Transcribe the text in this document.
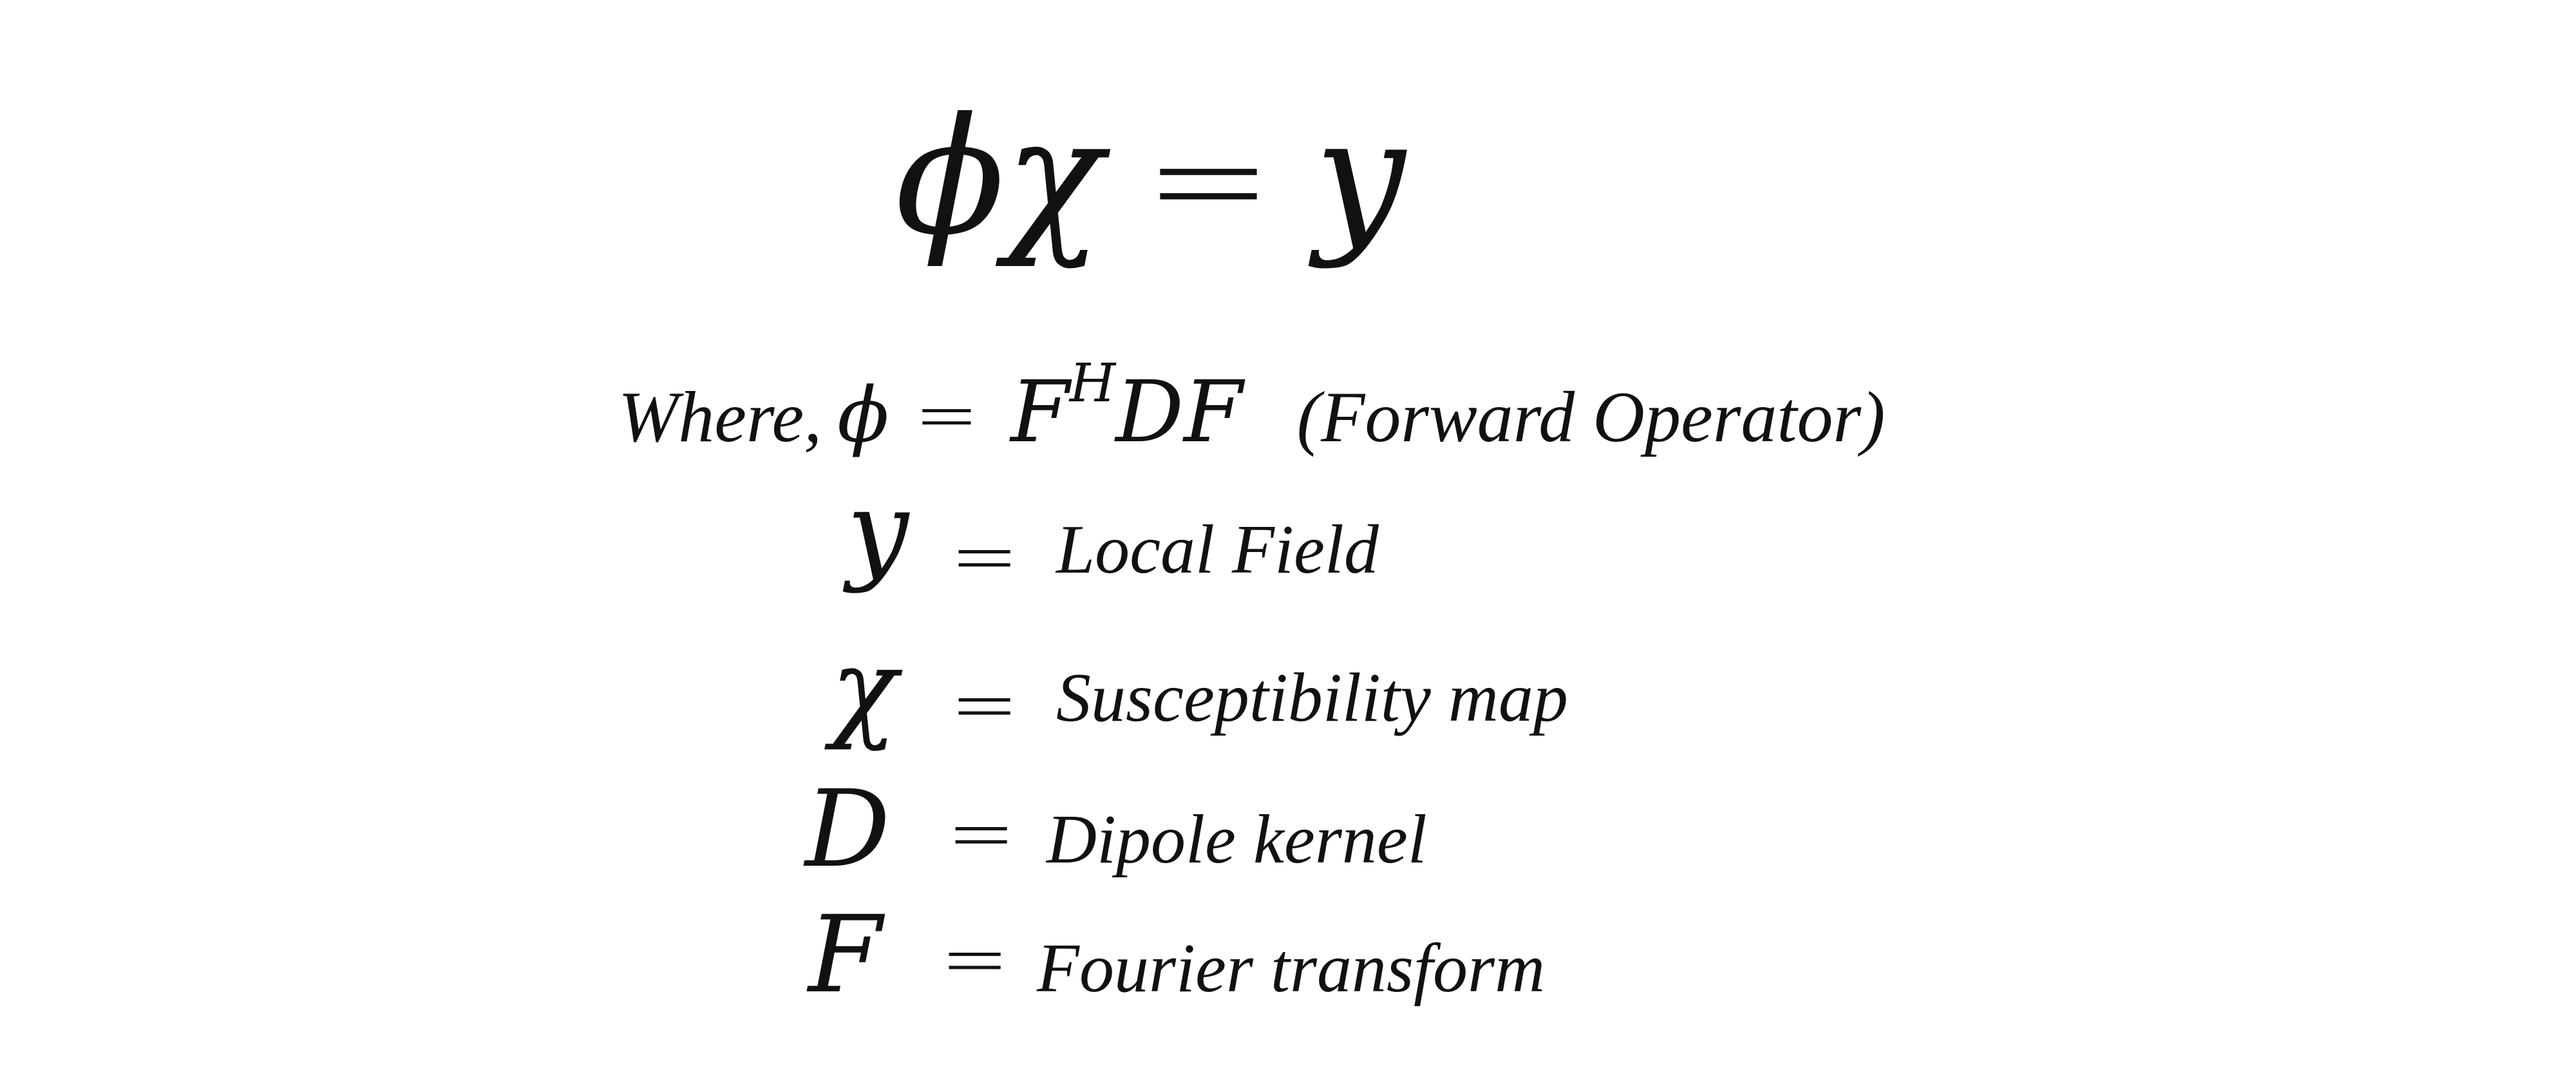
ϕχ = y
Where, $\phi = F^HDF$ (Forward Operator)
y = Local Field
χ = Susceptibility map
D = Dipole kernel
F = Fourier transform
